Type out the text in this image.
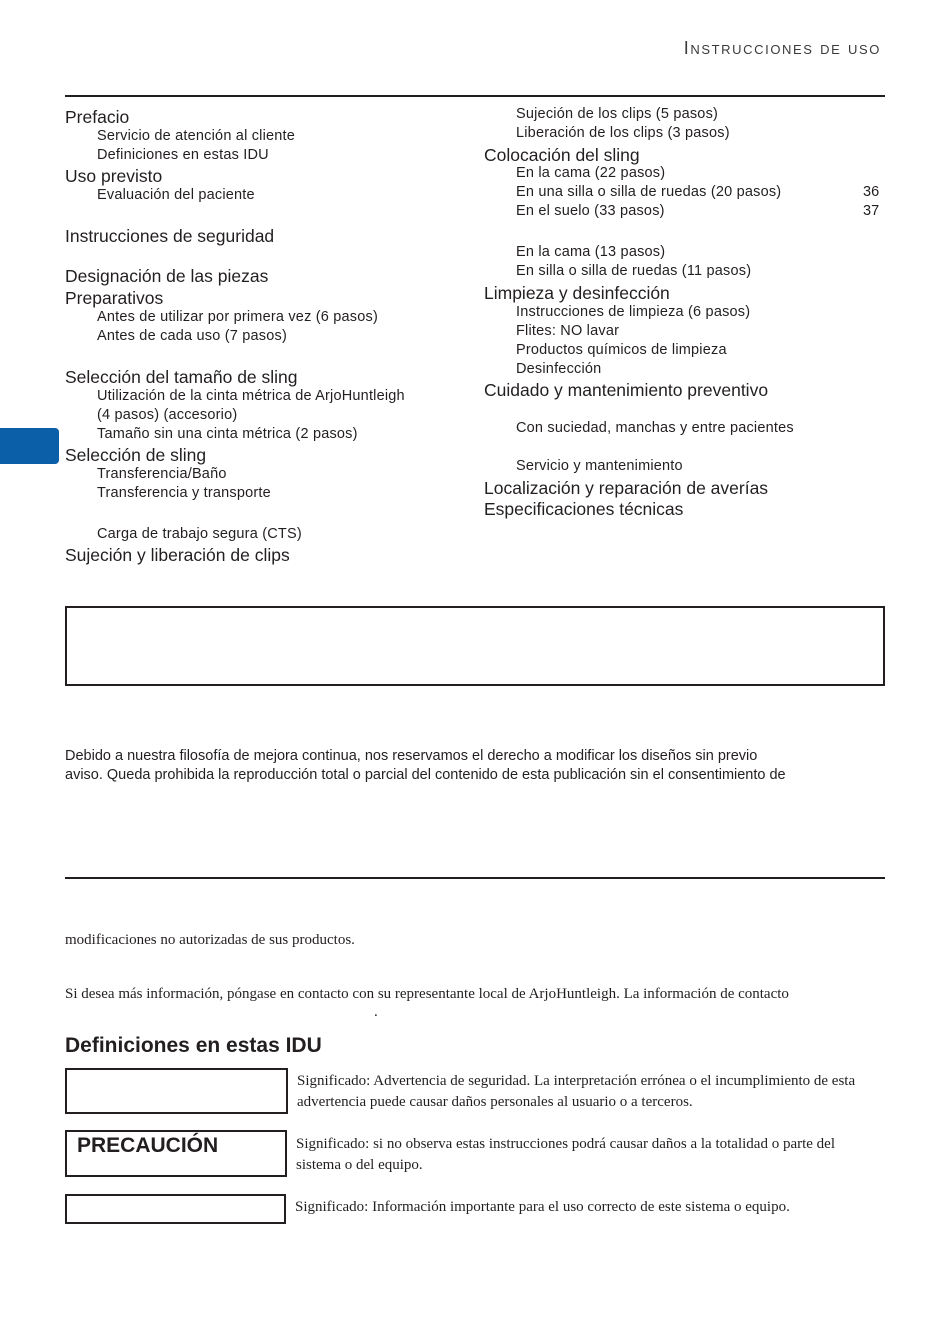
Instrucciones de uso
Prefacio
Servicio de atención al cliente
Definiciones en estas IDU
Uso previsto
Evaluación del paciente
Instrucciones de seguridad
Designación de las piezas
Preparativos
Antes de utilizar por primera vez (6 pasos)
Antes de cada uso (7 pasos)
Selección del tamaño de sling
Utilización de la cinta métrica de ArjoHuntleigh
(4 pasos) (accesorio)
Tamaño sin una cinta métrica (2 pasos)
Selección de sling
Transferencia/Baño
Transferencia y transporte
Carga de trabajo segura (CTS)
Sujeción y liberación de clips
Sujeción de los clips (5 pasos)
Liberación de los clips (3 pasos)
Colocación del sling
En la cama (22 pasos)
En una silla o silla de ruedas (20 pasos)	36
En el suelo (33 pasos)	37
En la cama (13 pasos)
En silla o silla de ruedas (11 pasos)
Limpieza y desinfección
Instrucciones de limpieza (6 pasos)
Flites: NO lavar
Productos químicos de limpieza
Desinfección
Cuidado y mantenimiento preventivo
Con suciedad, manchas y entre pacientes
Servicio y mantenimiento
Localización y reparación de averías
Especificaciones técnicas
Debido a nuestra filosofía de mejora continua, nos reservamos el derecho a modificar los diseños sin previo
aviso. Queda prohibida la reproducción total o parcial del contenido de esta publicación sin el consentimiento de
modificaciones no autorizadas de sus productos.
Si desea más información, póngase en contacto con su representante local de ArjoHuntleigh. La información de contacto
.
Definiciones en estas IDU
Significado: Advertencia de seguridad. La interpretación errónea o el incumplimiento de esta advertencia puede causar daños personales al usuario o a terceros.
PRECAUCIÓN	Significado: si no observa estas instrucciones podrá causar daños a la totalidad o parte del sistema o del equipo.
Significado: Información importante para el uso correcto de este sistema o equipo.
